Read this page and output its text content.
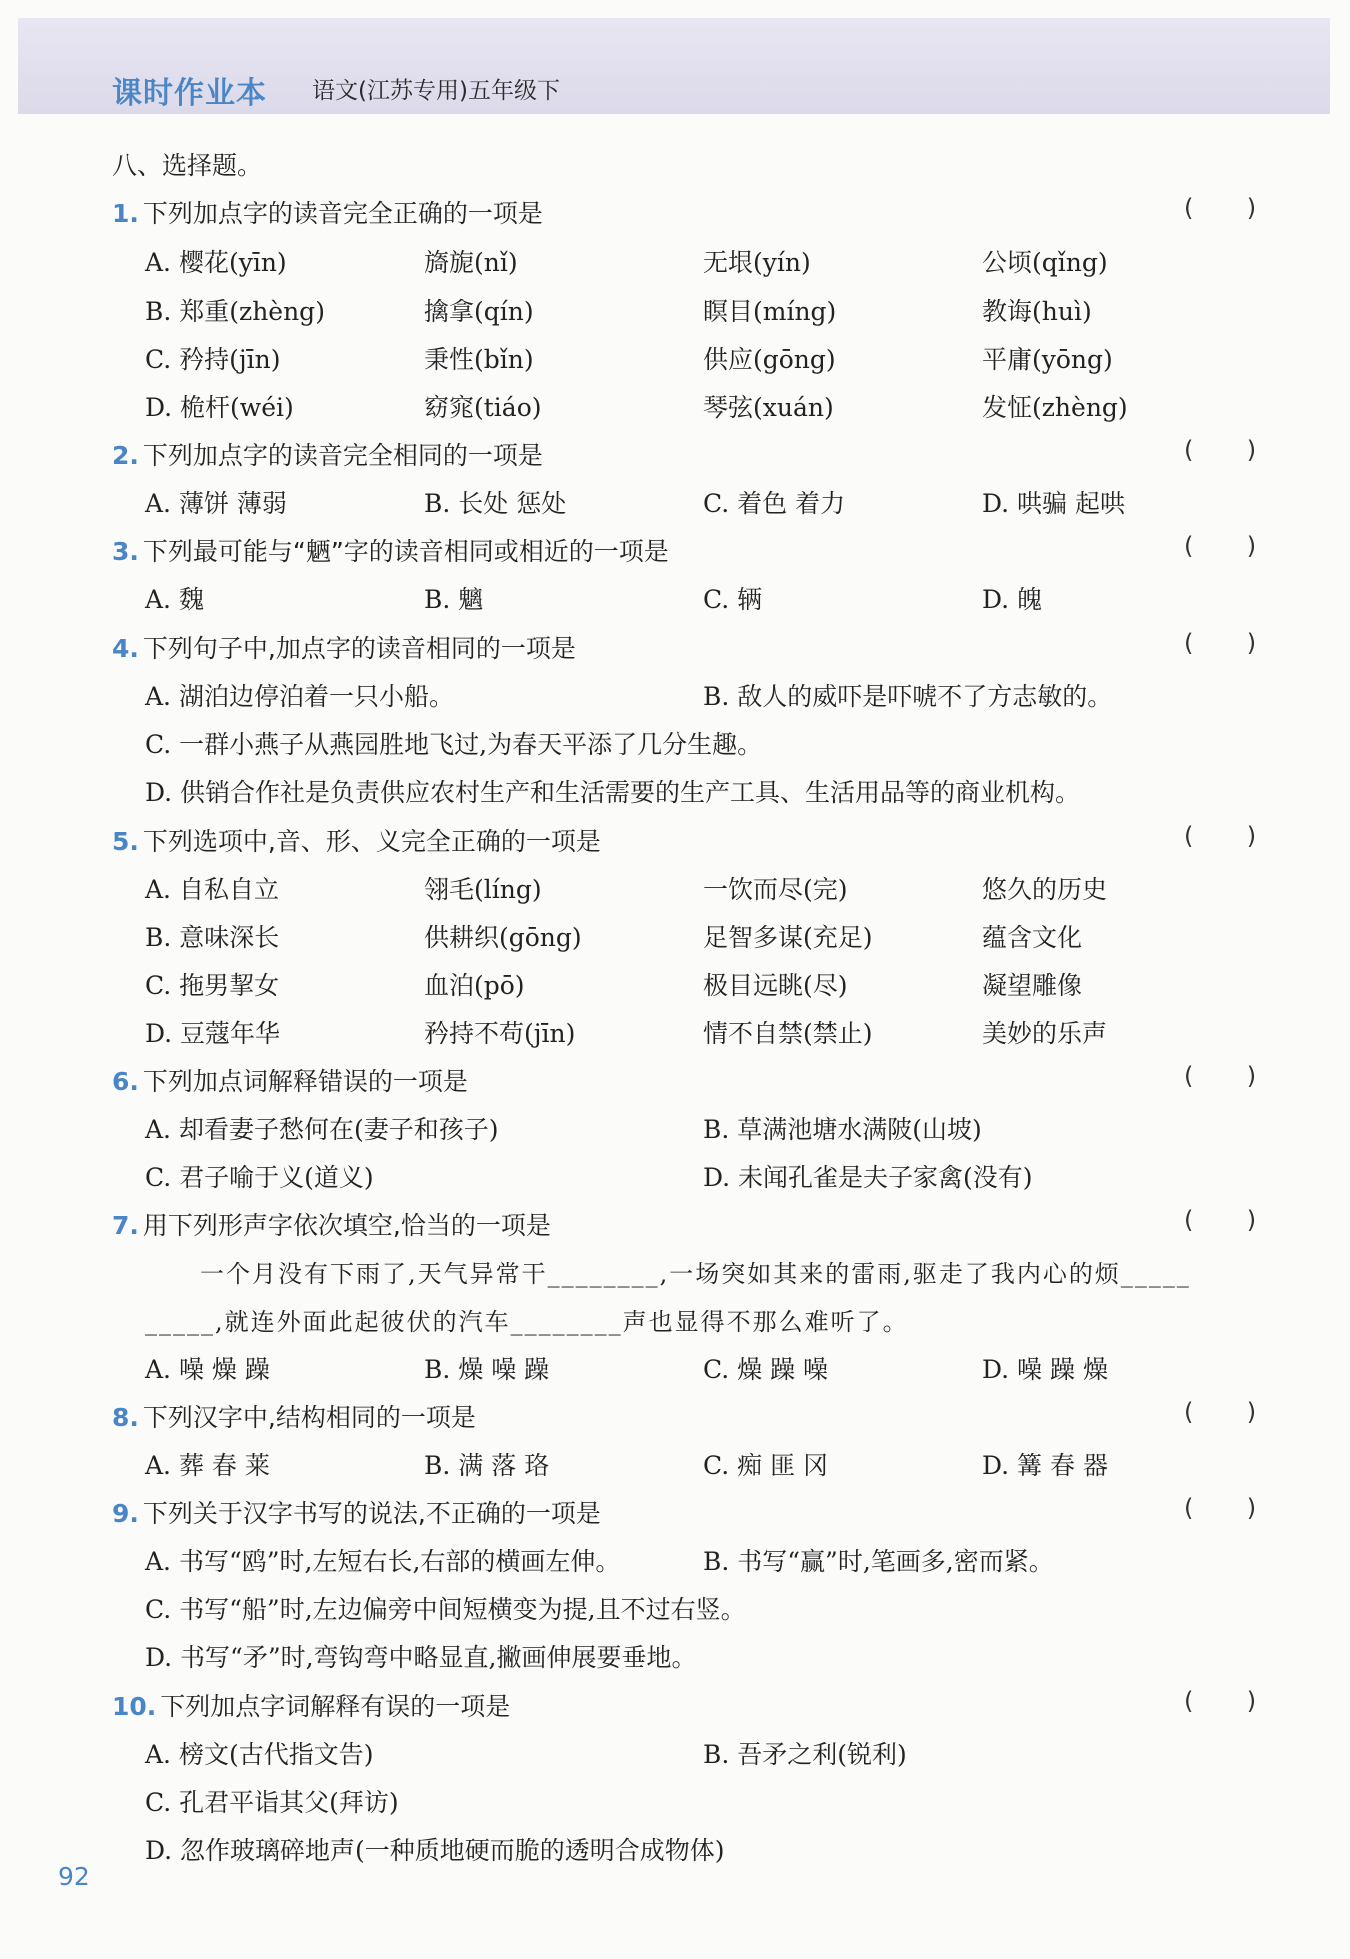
课时作业本 语文(江苏专用)五年级下
八、选择题。
1. 下列加点字的读音完全正确的一项是	(       )
A. 樱花(yīn)	旖旎(nǐ)	无垠(yín)	公顷(qǐng)
B. 郑重(zhèng)	擒拿(qín)	瞑目(míng)	教诲(huì)
C. 矜持(jīn)	秉性(bǐn)	供应(gōng)	平庸(yōng)
D. 桅杆(wéi)	窈窕(tiáo)	琴弦(xuán)	发怔(zhèng)
2. 下列加点字的读音完全相同的一项是	(       )
A. 薄饼 薄弱	B. 长处 惩处	C. 着色 着力	D. 哄骗 起哄
3. 下列最可能与“魉”字的读音相同或相近的一项是	(       )
A. 魏	B. 魑	C. 辆	D. 魄
4. 下列句子中,加点字的读音相同的一项是	(       )
A. 湖泊边停泊着一只小船。	B. 敌人的威吓是吓唬不了方志敏的。
C. 一群小燕子从燕园胜地飞过,为春天平添了几分生趣。
D. 供销合作社是负责供应农村生产和生活需要的生产工具、生活用品等的商业机构。
5. 下列选项中,音、形、义完全正确的一项是	(       )
A. 自私自立	翎毛(líng)	一饮而尽(完)	悠久的历史
B. 意味深长	供耕织(gōng)	足智多谋(充足)	蕴含文化
C. 拖男挈女	血泊(pō)	极目远眺(尽)	凝望雕像
D. 豆蔻年华	矜持不苟(jīn)	情不自禁(禁止)	美妙的乐声
6. 下列加点词解释错误的一项是	(       )
A. 却看妻子愁何在(妻子和孩子)	B. 草满池塘水满陂(山坡)
C. 君子喻于义(道义)	D. 未闻孔雀是夫子家禽(没有)
7. 用下列形声字依次填空,恰当的一项是	(       )
一个月没有下雨了,天气异常干________,一场突如其来的雷雨,驱走了我内心的烦_____
_____,就连外面此起彼伏的汽车________声也显得不那么难听了。
A. 噪 燥 躁	B. 燥 噪 躁	C. 燥 躁 噪	D. 噪 躁 燥
8. 下列汉字中,结构相同的一项是	(       )
A. 葬 春 莱	B. 满 落 珞	C. 痴 匪 冈	D. 篝 春 器
9. 下列关于汉字书写的说法,不正确的一项是	(       )
A. 书写“鸥”时,左短右长,右部的横画左伸。	B. 书写“赢”时,笔画多,密而紧。
C. 书写“船”时,左边偏旁中间短横变为提,且不过右竖。
D. 书写“矛”时,弯钩弯中略显直,撇画伸展要垂地。
10. 下列加点字词解释有误的一项是	(       )
A. 榜文(古代指文告)	B. 吾矛之利(锐利)
C. 孔君平诣其父(拜访)
D. 忽作玻璃碎地声(一种质地硬而脆的透明合成物体)
92
